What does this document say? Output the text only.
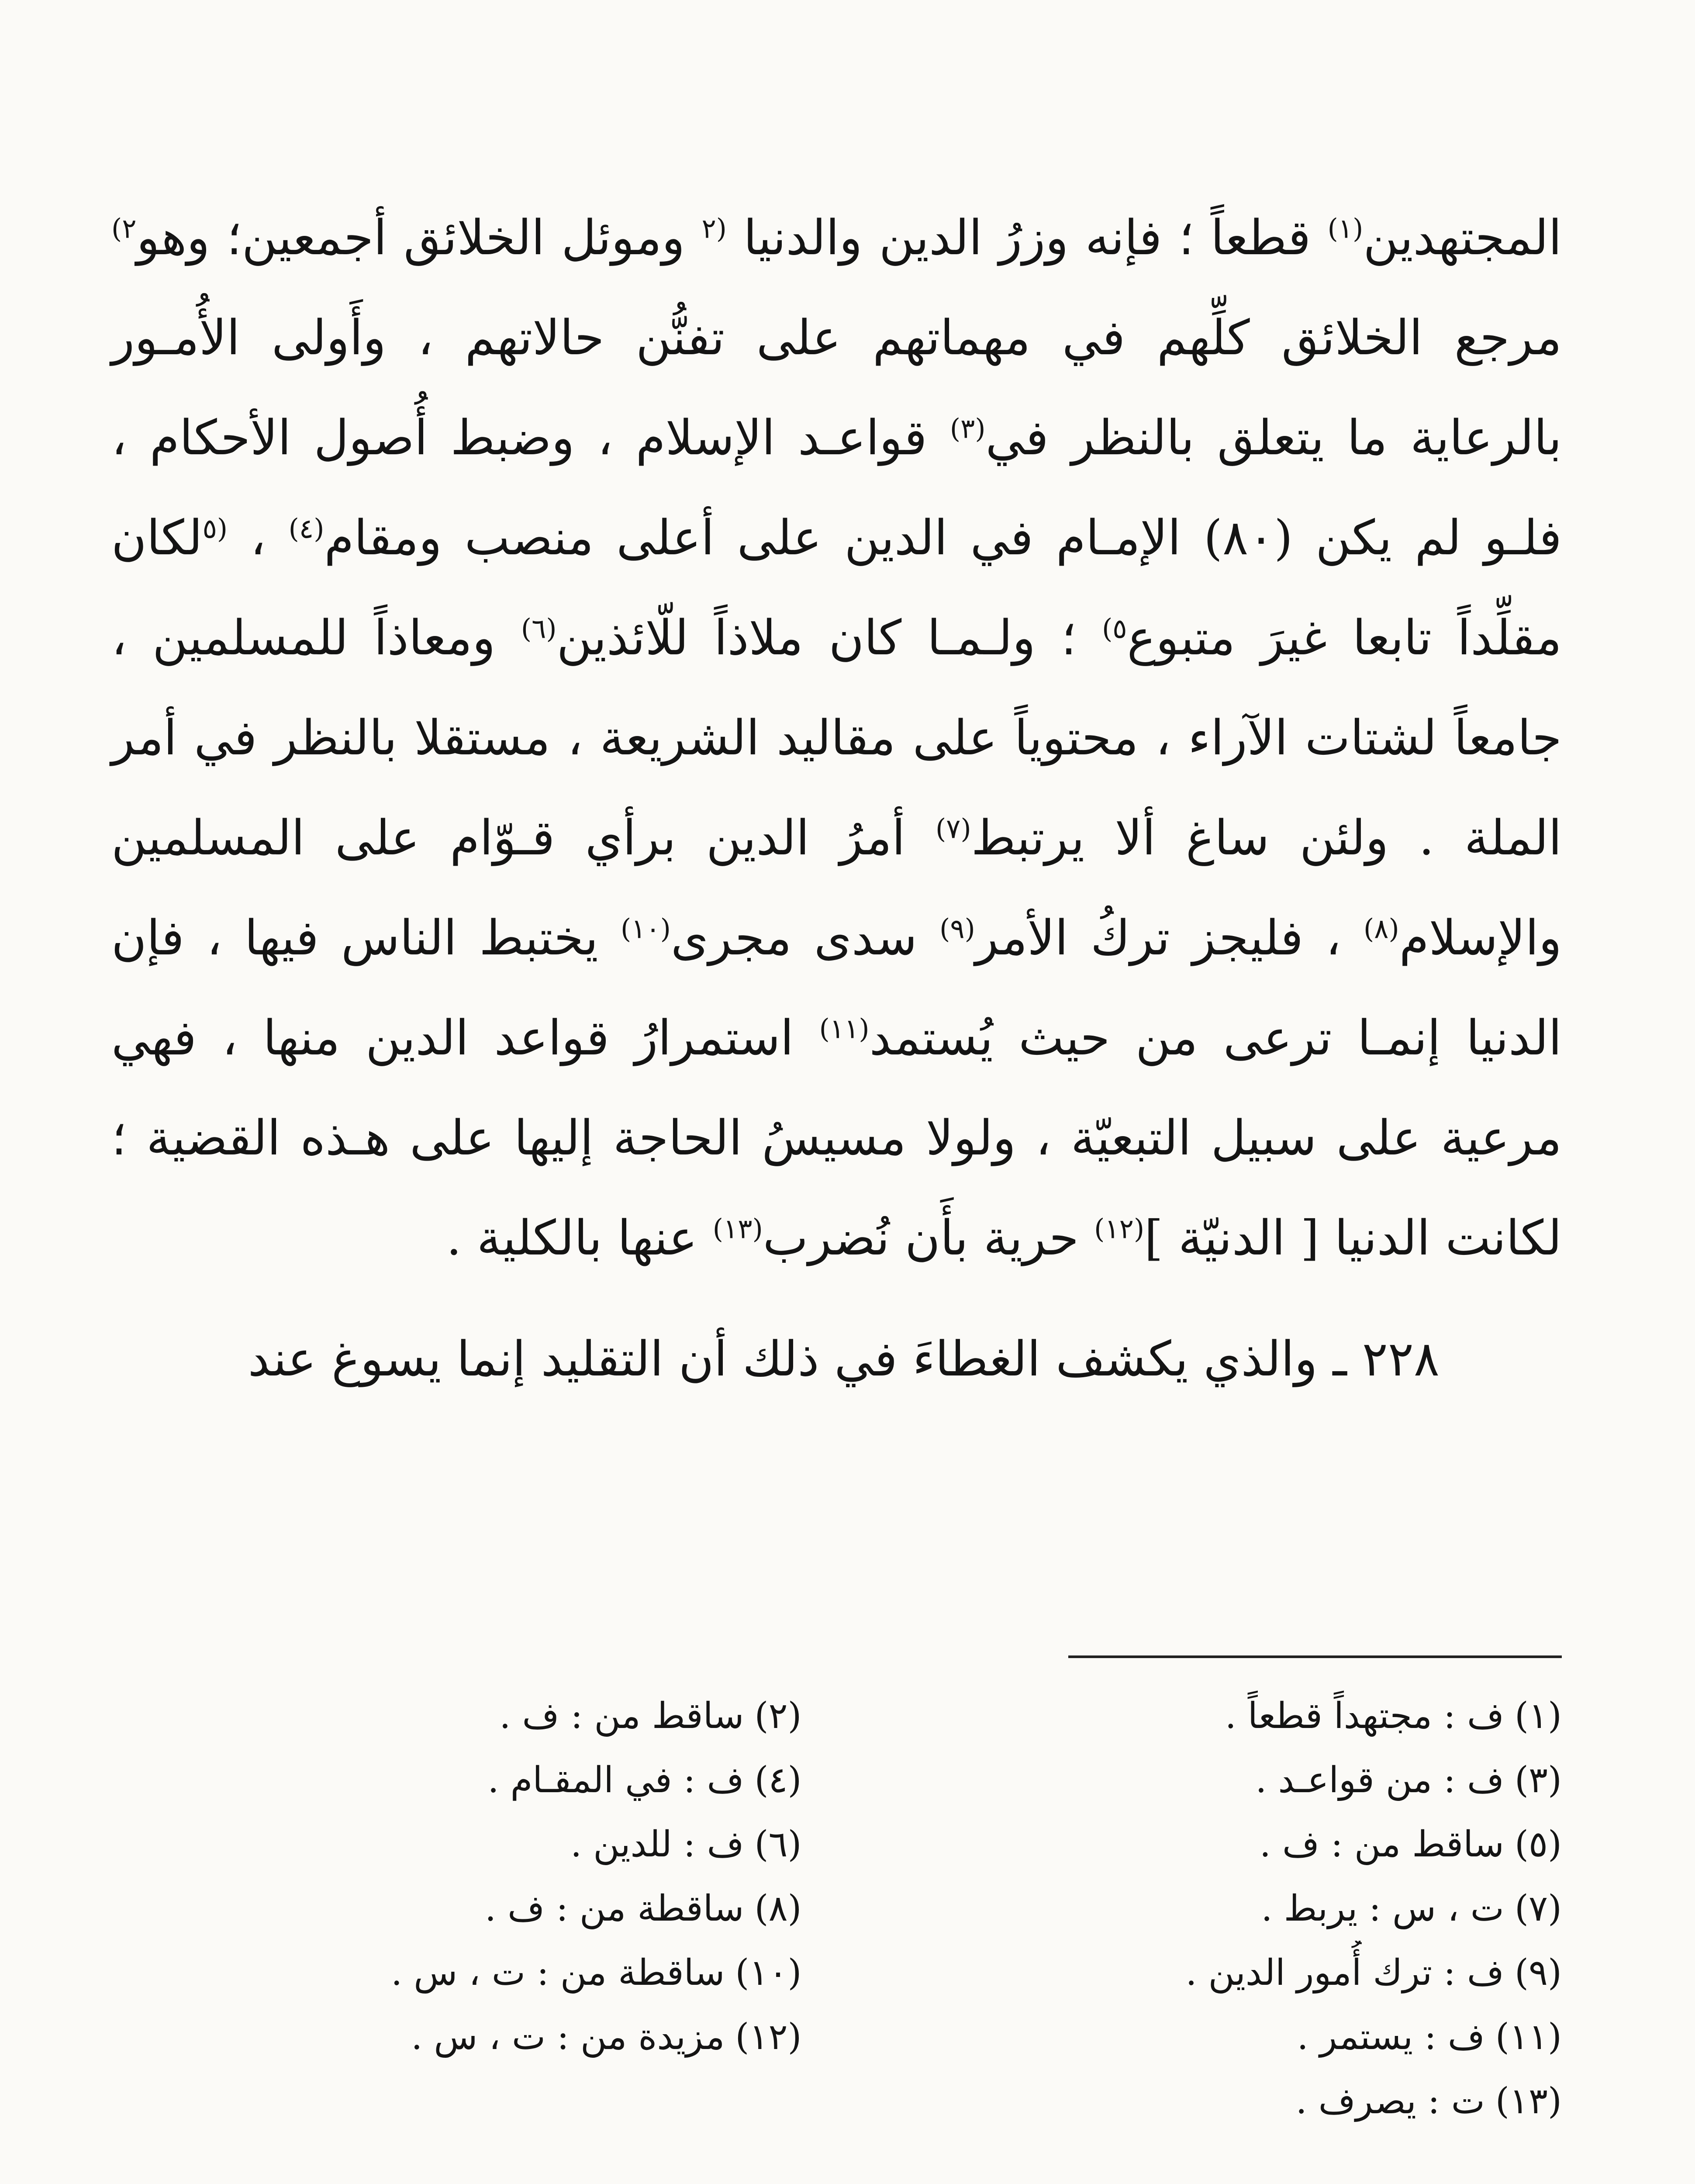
المجتهدين$^{(١)}$ قطعاً ؛ فإنه وزرُ الدين والدنيا $^{(٢}$ وموئل الخلائق أجمعين؛ وهو$^{٢)}$ مرجع الخلائق كلِّهم في مهماتهم على تفنُّن حالاتهم ، وأَولى الأُمـور بالرعاية ما يتعلق بالنظر في$^{(٣)}$ قواعـد الإسلام ، وضبط أُصول الأحكام ، فلـو لم يكن (٨٠) الإمـام في الدين على أعلى منصب ومقام$^{(٤)}$ ، $^{(٥}$لكان مقلِّداً تابعا غيرَ متبوع$^{٥)}$ ؛ ولـمـا كان ملاذاً للّائذين$^{(٦)}$ ومعاذاً للمسلمين ، جامعاً لشتات الآراء ، محتوياً على مقاليد الشريعة ، مستقلا بالنظر في أمر الملة . ولئن ساغ ألا يرتبط$^{(٧)}$ أمرُ الدين برأي قـوّام على المسلمين والإسلام$^{(٨)}$ ، فليجز تركُ الأمر$^{(٩)}$ سدى مجرى$^{(١٠)}$ يختبط الناس فيها ، فإن الدنيا إنمـا ترعى من حيث يُستمد$^{(١١)}$ استمرارُ قواعد الدين منها ، فهي مرعية على سبيل التبعيّة ، ولولا مسيسُ الحاجة إليها على هـذه القضية ؛ لكانت الدنيا [ الدنيّة ]$^{(١٢)}$ حرية بأَن نُضرب$^{(١٣)}$ عنها بالكلية .

٢٢٨ ـ والذي يكشف الغطاءَ في ذلك أن التقليد إنما يسوغ عند

(١)ف : مجتهداً قطعاً .
(٢)ساقط من : ف .
(٣)ف : من قواعـد .
(٤)ف : في المقـام .
(٥)ساقط من : ف .
(٦)ف : للدين .
(٧)ت ، س : يربط .
(٨)ساقطة من : ف .
(٩)ف : ترك أُمور الدين .
(١٠)ساقطة من : ت ، س .
(١١)ف : يستمر .
(١٢)مزيدة من : ت ، س .
(١٣)ت : يصرف .
